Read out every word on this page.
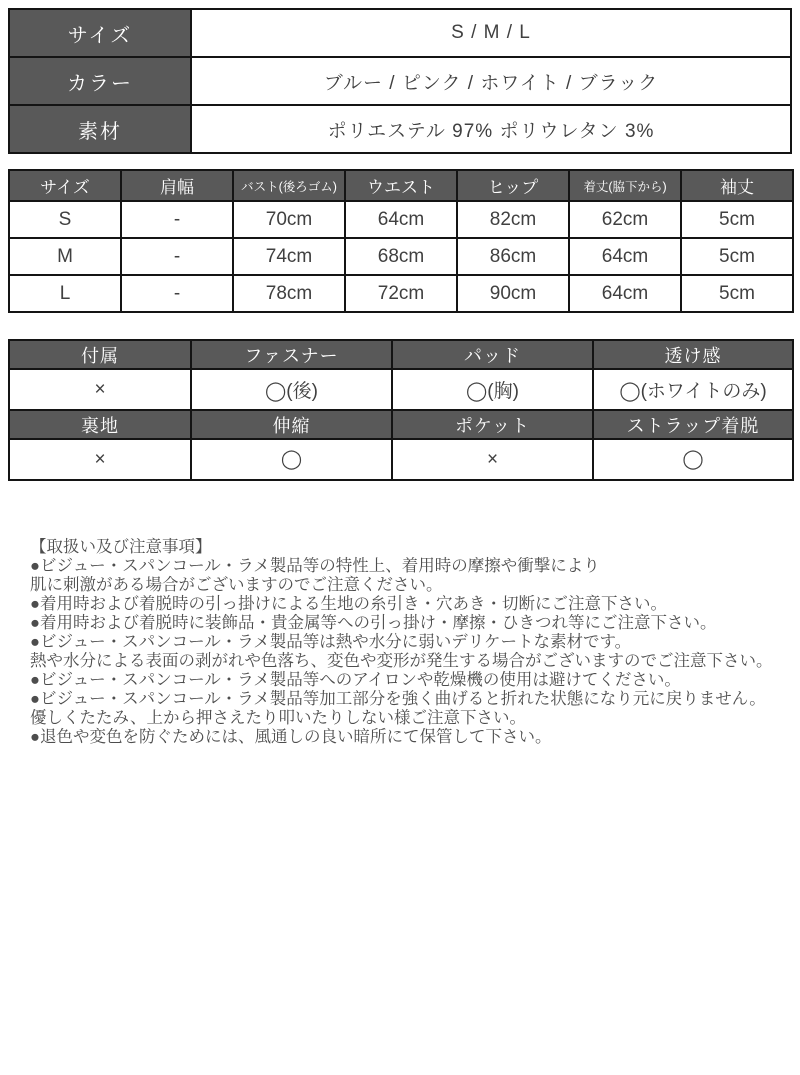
サイズ	S / M / L
カラー	ブルー / ピンク / ホワイト / ブラック
素材	ポリエステル 97% ポリウレタン 3%
サイズ	肩幅	バスト(後ろゴム)	ウエスト	ヒップ	着丈(脇下から)	袖丈
S	-	70cm	64cm	82cm	62cm	5cm
M	-	74cm	68cm	86cm	64cm	5cm
L	-	78cm	72cm	90cm	64cm	5cm
付属	ファスナー	パッド	透け感
×	◯(後)	◯(胸)	◯(ホワイトのみ)
裏地	伸縮	ポケット	ストラップ着脱
×	◯	×	◯
【取扱い及び注意事項】
●ビジュー・スパンコール・ラメ製品等の特性上、着用時の摩擦や衝撃により
肌に刺激がある場合がございますのでご注意ください。
●着用時および着脱時の引っ掛けによる生地の糸引き・穴あき・切断にご注意下さい。
●着用時および着脱時に装飾品・貴金属等への引っ掛け・摩擦・ひきつれ等にご注意下さい。
●ビジュー・スパンコール・ラメ製品等は熱や水分に弱いデリケートな素材です。
熱や水分による表面の剥がれや色落ち、変色や変形が発生する場合がございますのでご注意下さい。
●ビジュー・スパンコール・ラメ製品等へのアイロンや乾燥機の使用は避けてください。
●ビジュー・スパンコール・ラメ製品等加工部分を強く曲げると折れた状態になり元に戻りません。
優しくたたみ、上から押さえたり叩いたりしない様ご注意下さい。
●退色や変色を防ぐためには、風通しの良い暗所にて保管して下さい。
